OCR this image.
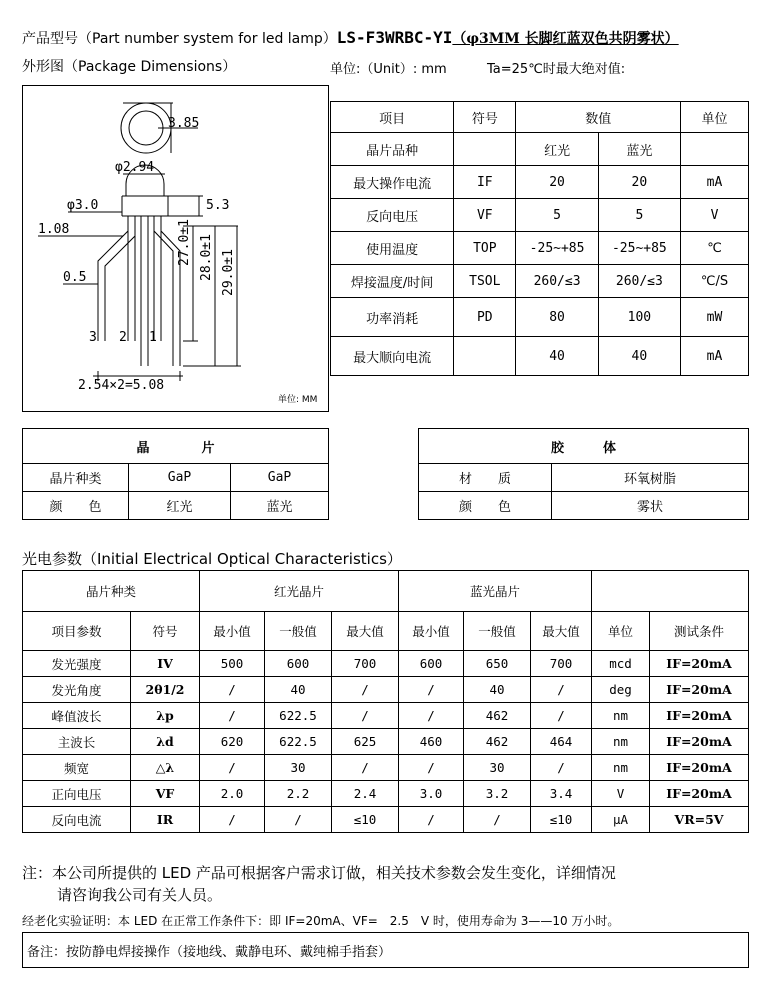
产品型号（Part number system for led lamp）LS-F3WRBC-YI（φ3MM 长脚红蓝双色共阴雾状）
外形图（Package Dimensions）	单位:（Unit）: mm	Ta=25℃时最大绝对值:
3.85
φ2.94
φ3.0	5.3
1.08
0.5
27.0±1 28.0±1 29.0±1
3 2 1
2.54×2=5.08
单位: MM
项目	符号	数值		单位
晶片品种		红光	蓝光	
最大操作电流	IF	20	20	mA
反向电压	VF	5	5	V
使用温度	TOP	-25~+85	-25~+85	℃
焊接温度/时间	TSOL	260/≤3	260/≤3	℃/S
功率消耗	PD	80	100	mW
最大顺向电流		40	40	mA
晶　　　　片		
晶片种类	GaP	GaP
颜　　色	红光	蓝光
胶　　　体	
材　　质	环氧树脂
颜　　色	雾状
光电参数（Initial Electrical Optical Characteristics）
晶片种类		红光晶片			蓝光晶片				
项目参数	符号	最小值	一般值	最大值	最小值	一般值	最大值	单位	测试条件
发光强度	IV	500	600	700	600	650	700	mcd	IF=20mA
发光角度	2θ1/2	/	40	/	/	40	/	deg	IF=20mA
峰值波长	λp	/	622.5	/	/	462	/	nm	IF=20mA
主波长	λd	620	622.5	625	460	462	464	nm	IF=20mA
频宽	△λ	/	30	/	/	30	/	nm	IF=20mA
正向电压	VF	2.0	2.2	2.4	3.0	3.2	3.4	V	IF=20mA
反向电流	IR	/	/	≤10	/	/	≤10	μA	VR=5V
注：本公司所提供的 LED 产品可根据客户需求订做，相关技术参数会发生变化，详细情况
请咨询我公司有关人员。
经老化实验证明：本 LED 在正常工作条件下：即 IF=20mA、VF=　2.5　V 时，使用寿命为 3——10 万小时。
备注：按防静电焊接操作（接地线、戴静电环、戴纯棉手指套）
